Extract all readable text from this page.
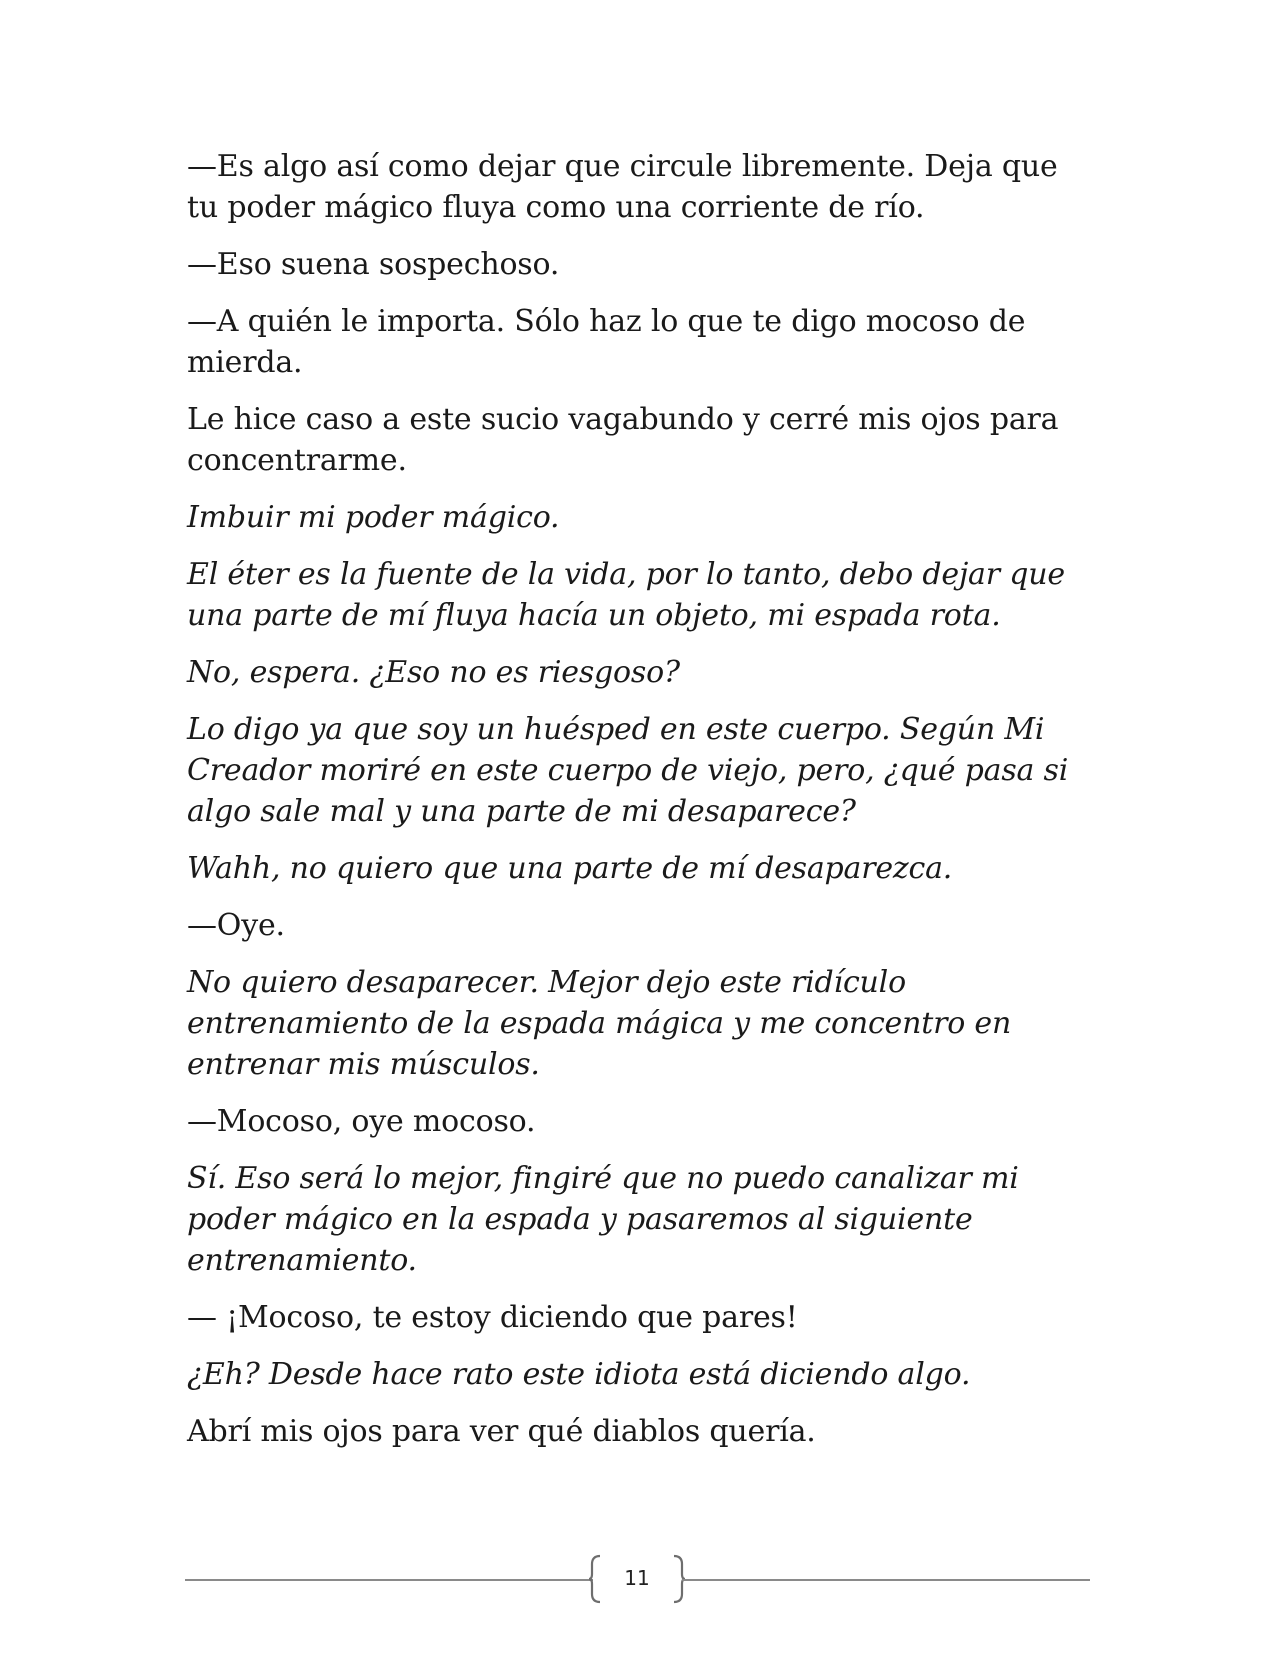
—Es algo así como dejar que circule libremente. Deja que tu poder mágico fluya como una corriente de río.

—Eso suena sospechoso.

—A quién le importa. Sólo haz lo que te digo mocoso de mierda.

Le hice caso a este sucio vagabundo y cerré mis ojos para concentrarme.

Imbuir mi poder mágico.

El éter es la fuente de la vida, por lo tanto, debo dejar que una parte de mí fluya hacía un objeto, mi espada rota.

No, espera. ¿Eso no es riesgoso?

Lo digo ya que soy un huésped en este cuerpo. Según Mi Creador moriré en este cuerpo de viejo, pero, ¿qué pasa si algo sale mal y una parte de mi desaparece?

Wahh, no quiero que una parte de mí desaparezca.

—Oye.

No quiero desaparecer. Mejor dejo este ridículo entrenamiento de la espada mágica y me concentro en entrenar mis músculos.

—Mocoso, oye mocoso.

Sí. Eso será lo mejor, fingiré que no puedo canalizar mi poder mágico en la espada y pasaremos al siguiente entrenamiento.

— ¡Mocoso, te estoy diciendo que pares!

¿Eh? Desde hace rato este idiota está diciendo algo.

Abrí mis ojos para ver qué diablos quería.

11
